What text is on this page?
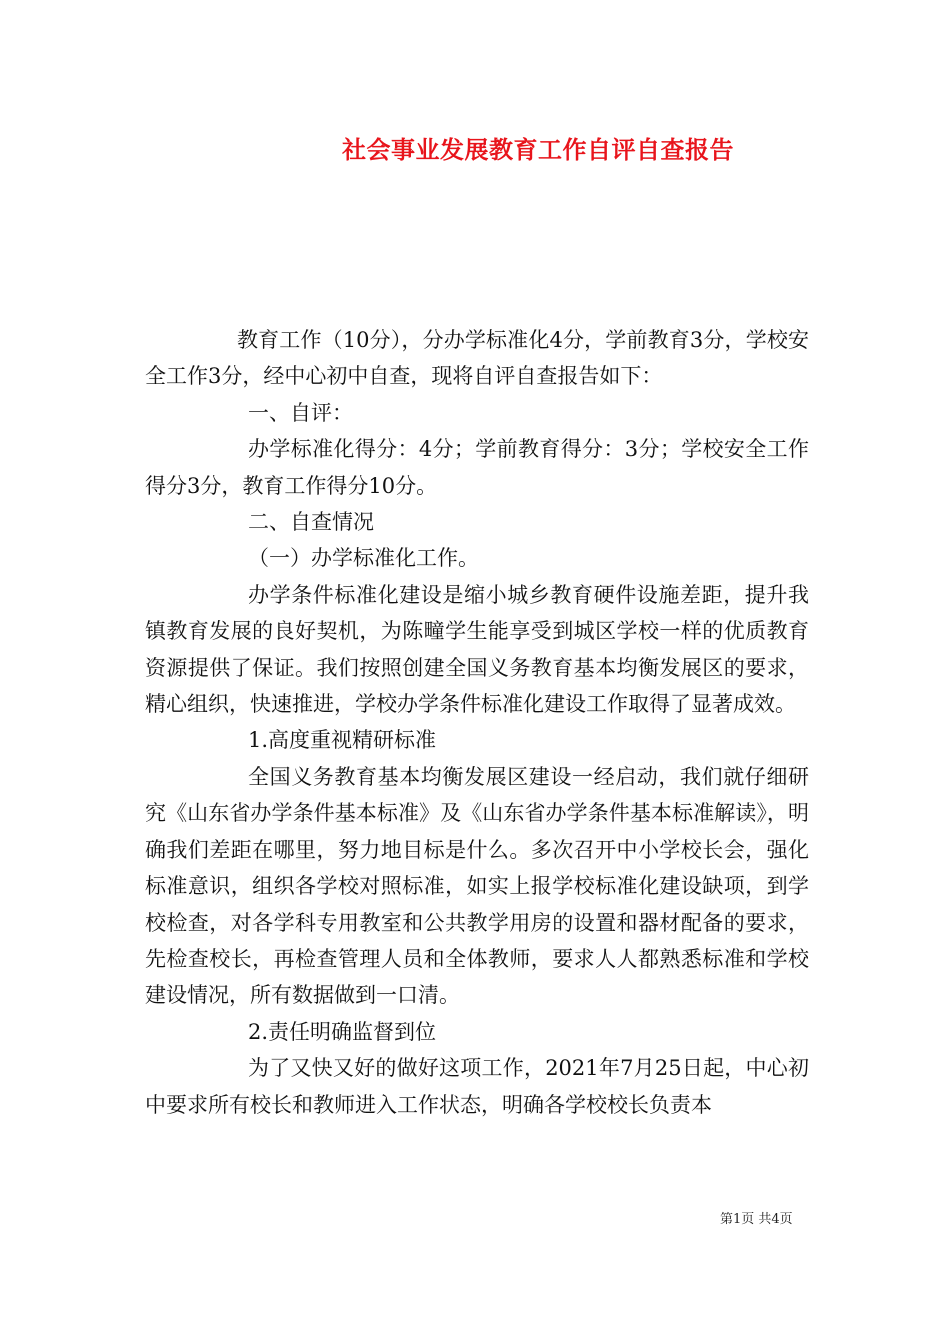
社会事业发展教育工作自评自查报告

教育工作（10分），分办学标准化4分，学前教育3分，学校安全工作3分，经中心初中自查，现将自评自查报告如下：

一、自评：

办学标准化得分：4分；学前教育得分：3分；学校安全工作得分3分，教育工作得分10分。

二、自查情况

（一）办学标准化工作。

办学条件标准化建设是缩小城乡教育硬件设施差距，提升我镇教育发展的良好契机，为陈疃学生能享受到城区学校一样的优质教育资源提供了保证。我们按照创建全国义务教育基本均衡发展区的要求，精心组织，快速推进，学校办学条件标准化建设工作取得了显著成效。

1.高度重视精研标准

全国义务教育基本均衡发展区建设一经启动，我们就仔细研究《山东省办学条件基本标准》及《山东省办学条件基本标准解读》，明确我们差距在哪里，努力地目标是什么。多次召开中小学校长会，强化标准意识，组织各学校对照标准，如实上报学校标准化建设缺项，到学校检查，对各学科专用教室和公共教学用房的设置和器材配备的要求，先检查校长，再检查管理人员和全体教师，要求人人都熟悉标准和学校建设情况，所有数据做到一口清。

2.责任明确监督到位

为了又快又好的做好这项工作，2021年7月25日起，中心初中要求所有校长和教师进入工作状态，明确各学校校长负责本

第1页 共4页
